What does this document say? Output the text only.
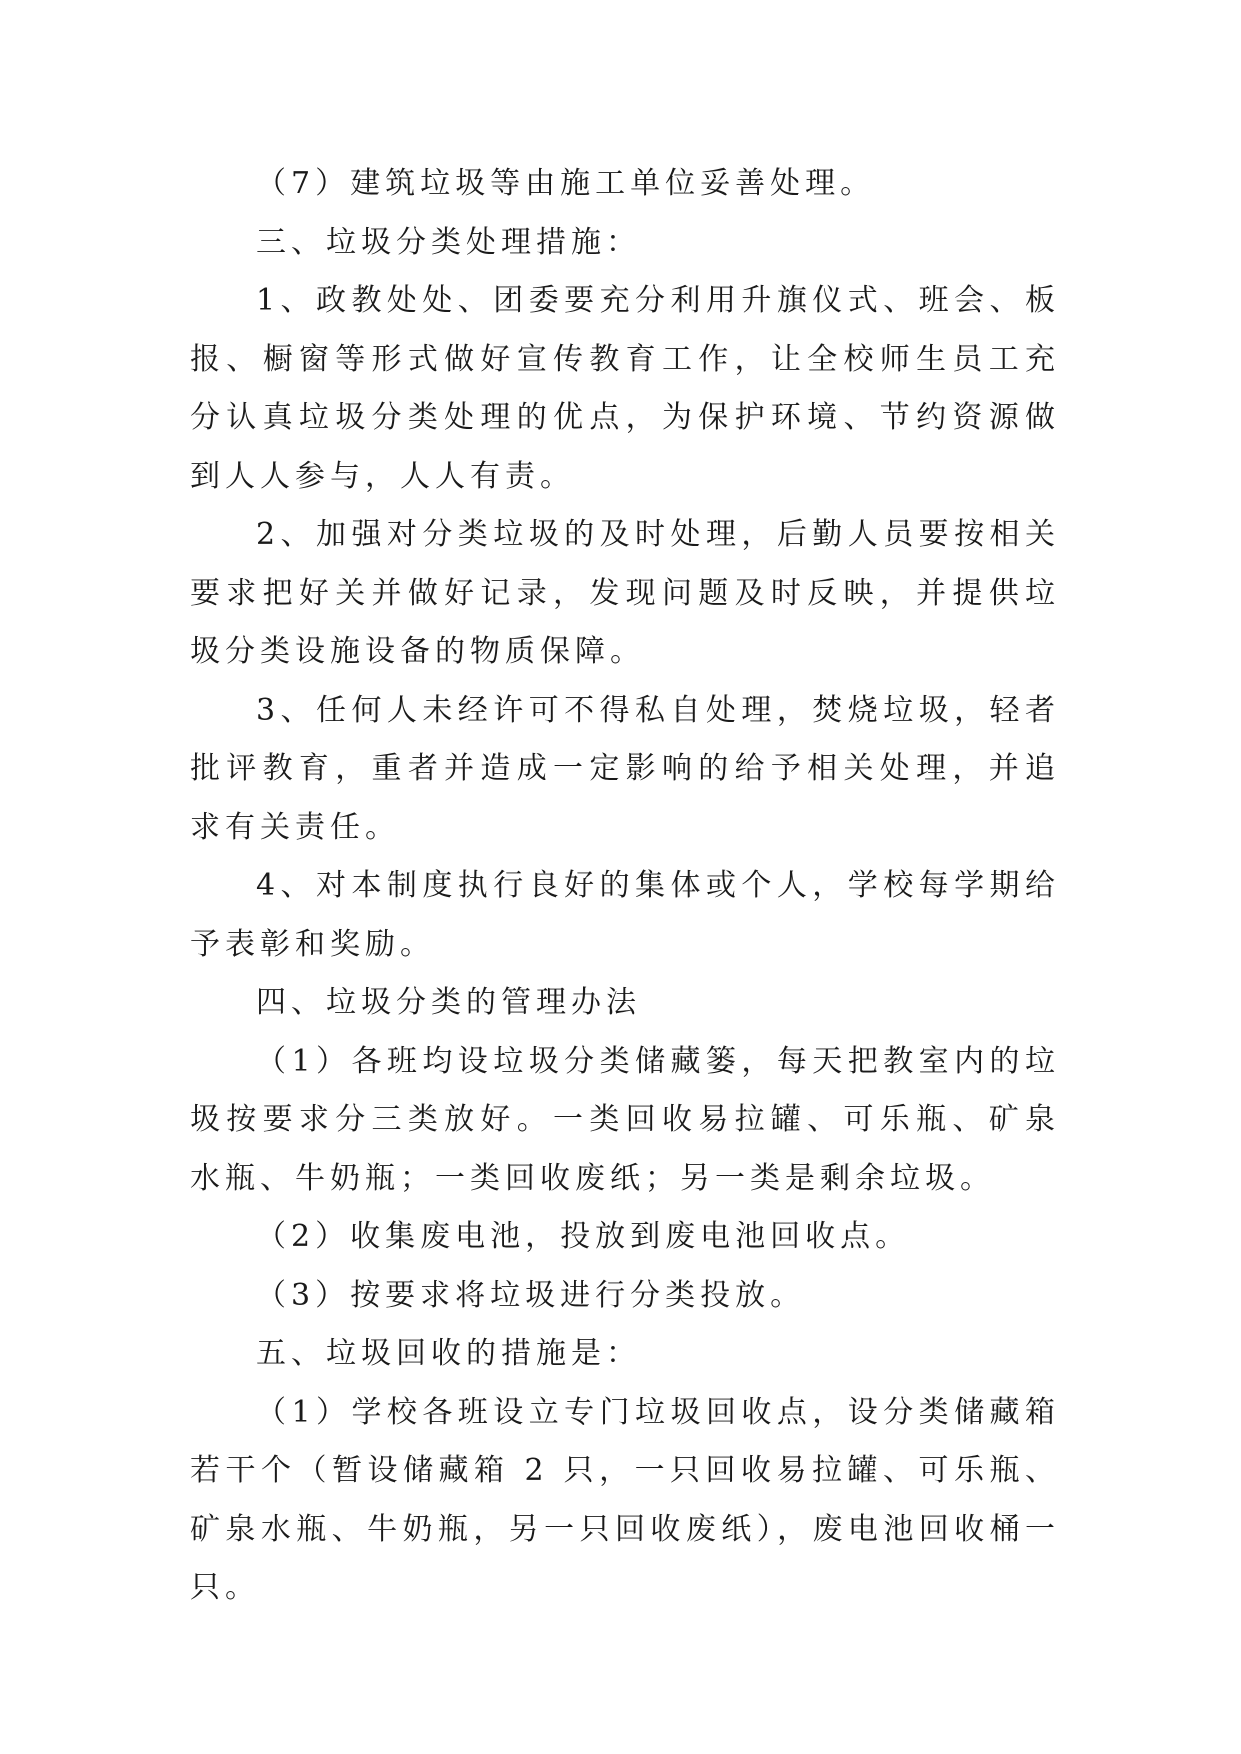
（7）建筑垃圾等由施工单位妥善处理。

三、垃圾分类处理措施：

1、政教处处、团委要充分利用升旗仪式、班会、板报、橱窗等形式做好宣传教育工作，让全校师生员工充分认真垃圾分类处理的优点，为保护环境、节约资源做到人人参与，人人有责。

2、加强对分类垃圾的及时处理，后勤人员要按相关要求把好关并做好记录，发现问题及时反映，并提供垃圾分类设施设备的物质保障。

3、任何人未经许可不得私自处理，焚烧垃圾，轻者批评教育，重者并造成一定影响的给予相关处理，并追求有关责任。

4、对本制度执行良好的集体或个人，学校每学期给予表彰和奖励。

四、垃圾分类的管理办法

（1）各班均设垃圾分类储藏篓，每天把教室内的垃圾按要求分三类放好。一类回收易拉罐、可乐瓶、矿泉水瓶、牛奶瓶；一类回收废纸；另一类是剩余垃圾。

（2）收集废电池，投放到废电池回收点。

（3）按要求将垃圾进行分类投放。

五、垃圾回收的措施是：

（1）学校各班设立专门垃圾回收点，设分类储藏箱若干个（暂设储藏箱 2 只，一只回收易拉罐、可乐瓶、矿泉水瓶、牛奶瓶，另一只回收废纸），废电池回收桶一只。
